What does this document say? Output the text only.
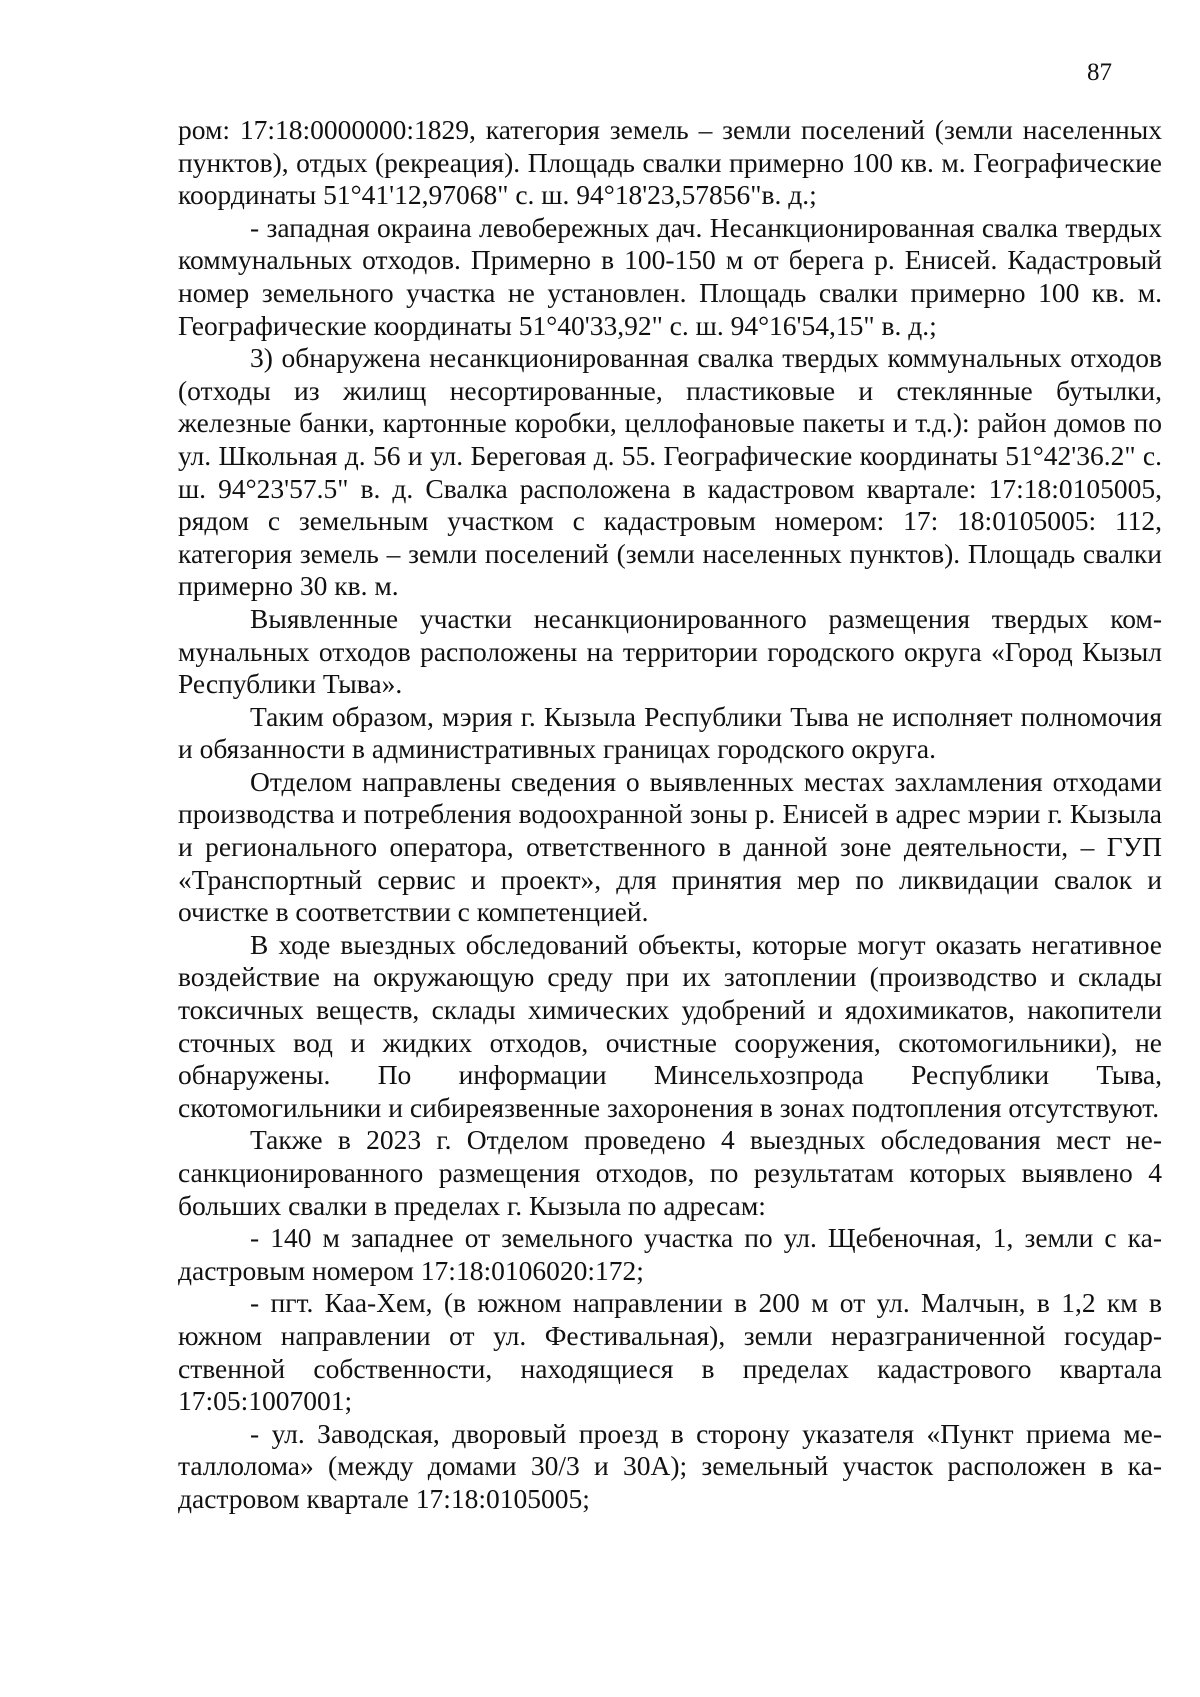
87

ром: 17:18:0000000:1829, категория земель – земли поселений (земли населенных пунктов), отдых (рекреация). Площадь свалки примерно 100 кв. м. Географические координаты 51°41'12,97068" с. ш. 94°18'23,57856"в. д.;

- западная окраина левобережных дач. Несанкционированная свалка твердых коммунальных отходов. Примерно в 100-150 м от берега р. Енисей. Кадастровый номер земельного участка не установлен. Площадь свалки примерно 100 кв. м. Географические координаты 51°40'33,92" с. ш. 94°16'54,15" в. д.;

3) обнаружена несанкционированная свалка твердых коммунальных отходов (отходы из жилищ несортированные, пластиковые и стеклянные бутылки, железные банки, картонные коробки, целлофановые пакеты и т.д.): район домов по ул. Школьная д. 56 и ул. Береговая д. 55. Географические координаты 51°42'36.2" с. ш. 94°23'57.5" в. д. Свалка расположена в кадастровом квартале: 17:18:0105005, рядом с земельным участком с кадастровым номером: 17: 18:0105005: 112, категория земель – земли поселений (земли населенных пунктов). Площадь свалки примерно 30 кв. м.

Выявленные участки несанкционированного размещения твердых коммунальных отходов расположены на территории городского округа «Город Кызыл Республики Тыва».

Таким образом, мэрия г. Кызыла Республики Тыва не исполняет полномочия и обязанности в административных границах городского округа.

Отделом направлены сведения о выявленных местах захламления отходами производства и потребления водоохранной зоны р. Енисей в адрес мэрии г. Кызыла и регионального оператора, ответственного в данной зоне деятельности, – ГУП «Транспортный сервис и проект», для принятия мер по ликвидации свалок и очистке в соответствии с компетенцией.

В ходе выездных обследований объекты, которые могут оказать негативное воздействие на окружающую среду при их затоплении (производство и склады токсичных веществ, склады химических удобрений и ядохимикатов, накопители сточных вод и жидких отходов, очистные сооружения, скотомогильники), не обнаружены. По информации Минсельхозпрода Республики Тыва, скотомогильники и сибиреязвенные захоронения в зонах подтопления отсутствуют.

Также в 2023 г. Отделом проведено 4 выездных обследования мест несанкционированного размещения отходов, по результатам которых выявлено 4 больших свалки в пределах г. Кызыла по адресам:

- 140 м западнее от земельного участка по ул. Щебеночная, 1, земли с кадастровым номером 17:18:0106020:172;

- пгт. Каа-Хем, (в южном направлении в 200 м от ул. Малчын, в 1,2 км в южном направлении от ул. Фестивальная), земли неразграниченной государственной собственности, находящиеся в пределах кадастрового квартала 17:05:1007001;

- ул. Заводская, дворовый проезд в сторону указателя «Пункт приема металлолома» (между домами 30/3 и 30А); земельный участок расположен в кадастровом квартале 17:18:0105005;
